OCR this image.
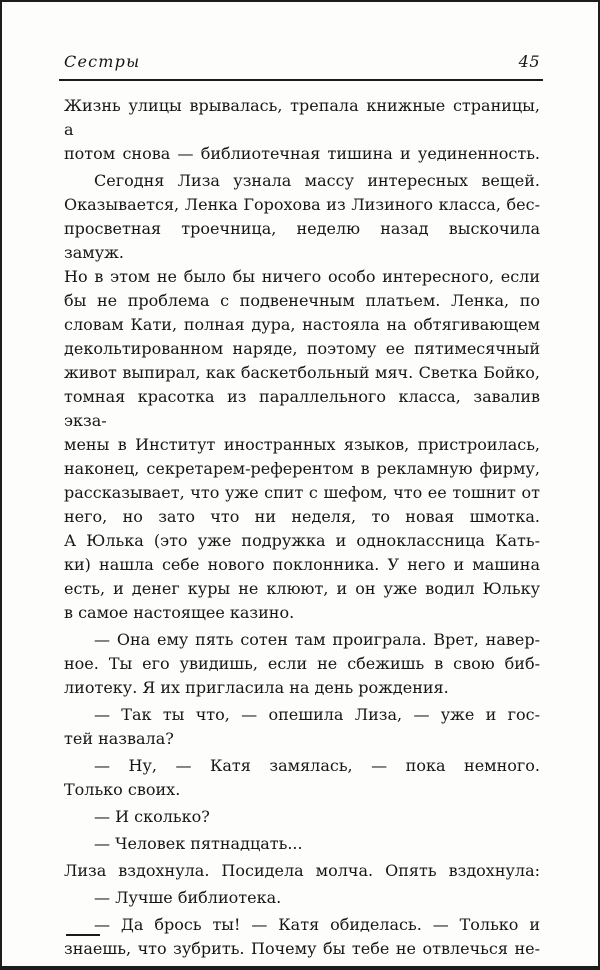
Сестры	45
Жизнь улицы врывалась, трепала книжные страницы, а
потом снова — библиотечная тишина и уединенность.
Сегодня Лиза узнала массу интересных вещей.
Оказывается, Ленка Горохова из Лизиного класса, бес-
просветная троечница, неделю назад выскочила замуж.
Но в этом не было бы ничего особо интересного, если
бы не проблема с подвенечным платьем. Ленка, по
словам Кати, полная дура, настояла на обтягивающем
декольтированном наряде, поэтому ее пятимесячный
живот выпирал, как баскетбольный мяч. Светка Бойко,
томная красотка из параллельного класса, завалив экза-
мены в Институт иностранных языков, пристроилась,
наконец, секретарем-референтом в рекламную фирму,
рассказывает, что уже спит с шефом, что ее тошнит от
него, но зато что ни неделя, то новая шмотка.
А Юлька (это уже подружка и одноклассница Кать-
ки) нашла себе нового поклонника. У него и машина
есть, и денег куры не клюют, и он уже водил Юльку
в самое настоящее казино.
— Она ему пять сотен там проиграла. Врет, навер-
ное. Ты его увидишь, если не сбежишь в свою биб-
лиотеку. Я их пригласила на день рождения.
— Так ты что, — опешила Лиза, — уже и гос-
тей назвала?
— Ну, — Катя замялась, — пока немного.
Только своих.
— И сколько?
— Человек пятнадцать...
Лиза вздохнула. Посидела молча. Опять вздохнула:
— Лучше библиотека.
— Да брось ты! — Катя обиделась. — Только и
знаешь, что зубрить. Почему бы тебе не отвлечься не-
